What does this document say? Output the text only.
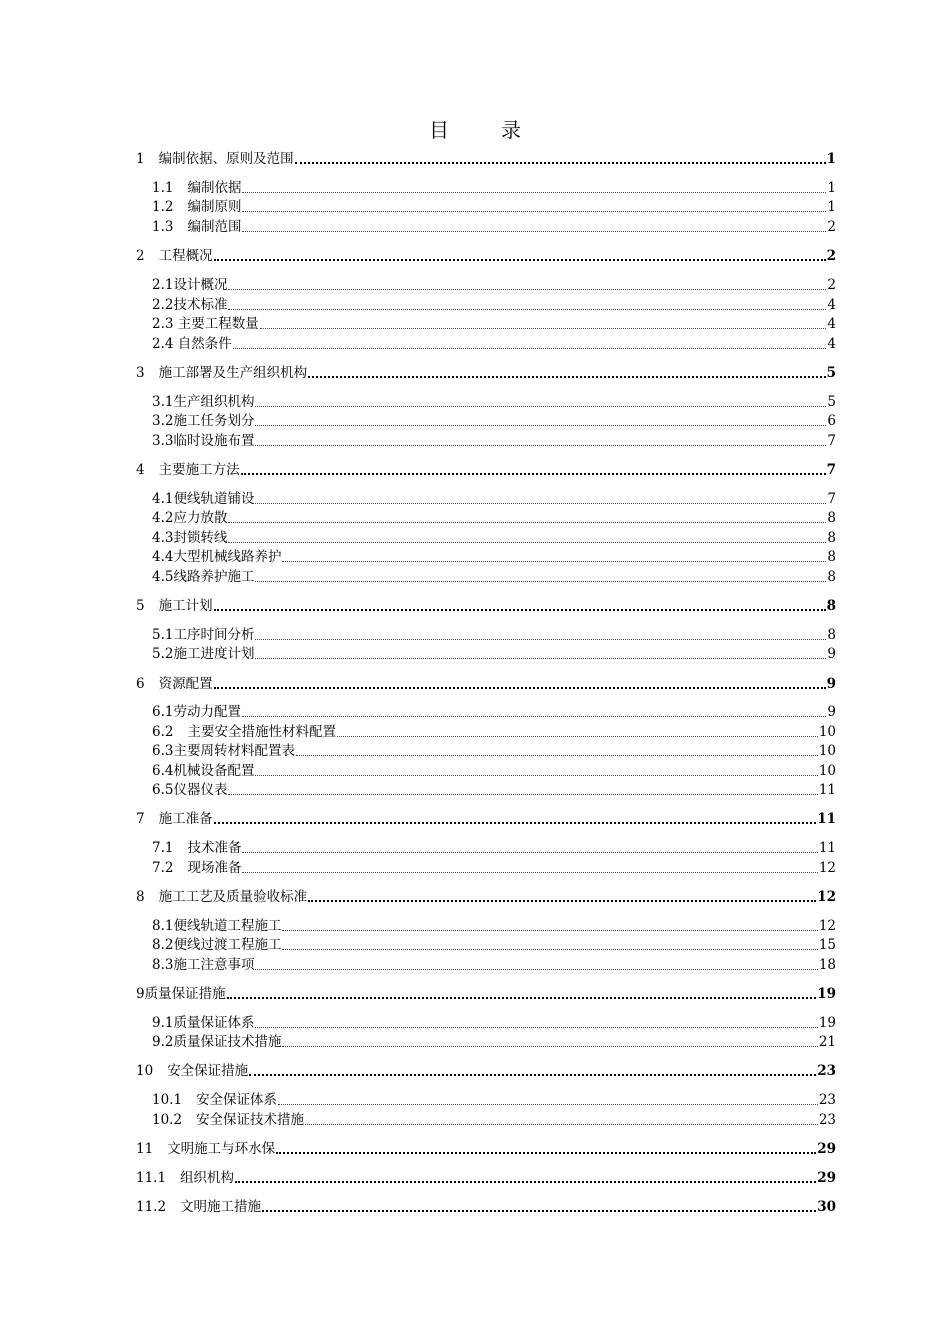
目	录
1 编制依据、原则及范围	1
1.1 编制依据	1
1.2 编制原则	1
1.3 编制范围	2
2 工程概况	2
2.1设计概况	2
2.2技术标准	4
2.3 主要工程数量	4
2.4 自然条件	4
3 施工部署及生产组织机构	5
3.1生产组织机构	5
3.2施工任务划分	6
3.3临时设施布置	7
4 主要施工方法	7
4.1便线轨道铺设	7
4.2应力放散	8
4.3封锁转线	8
4.4大型机械线路养护	8
4.5线路养护施工	8
5 施工计划	8
5.1工序时间分析	8
5.2施工进度计划	9
6 资源配置	9
6.1劳动力配置	9
6.2 主要安全措施性材料配置	10
6.3主要周转材料配置表	10
6.4机械设备配置	10
6.5仪器仪表	11
7 施工准备	11
7.1 技术准备	11
7.2 现场准备	12
8 施工工艺及质量验收标准	12
8.1便线轨道工程施工	12
8.2便线过渡工程施工	15
8.3施工注意事项	18
9质量保证措施	19
9.1质量保证体系	19
9.2质量保证技术措施	21
10 安全保证措施	23
10.1 安全保证体系	23
10.2 安全保证技术措施	23
11 文明施工与环水保	29
11.1 组织机构	29
11.2 文明施工措施	30
